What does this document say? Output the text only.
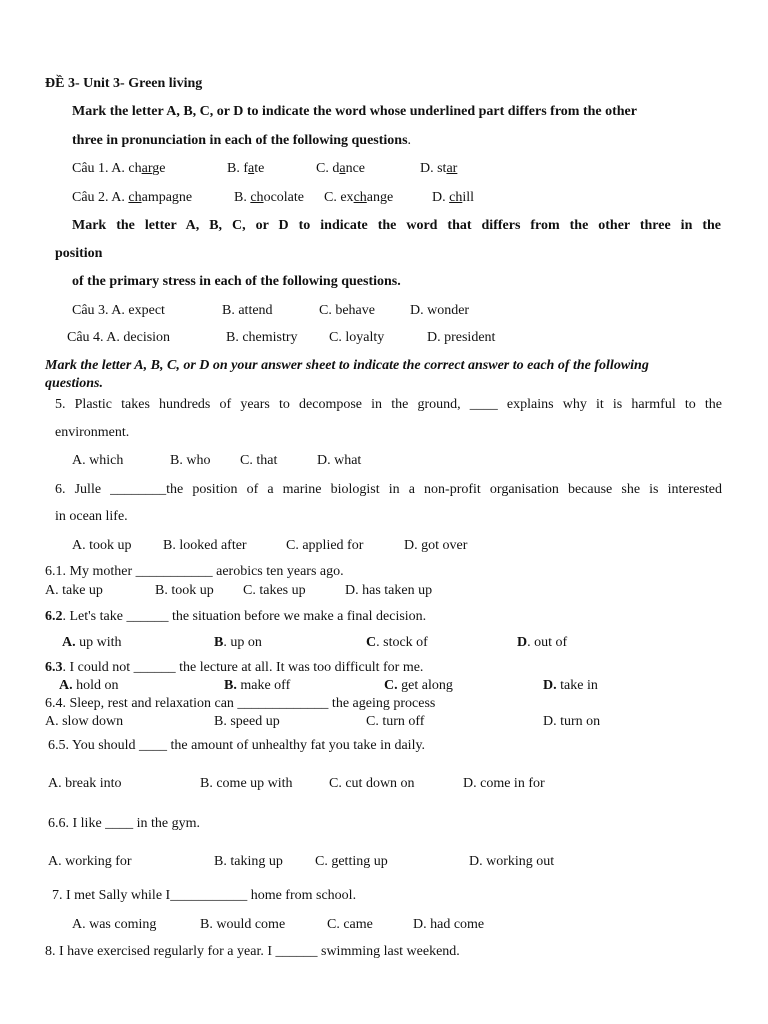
ĐỀ 3- Unit 3- Green living
Mark the letter A, B, C, or D to indicate the word whose underlined part differs from the other
three in pronunciation in each of the following questions.
Câu 1. A. charge	B. fate	C. dance	D. star
Câu 2. A. champagne	B. chocolate C. exchange	D. chill
Mark the letter A, B, C, or D to indicate the word that differs from the other three in the
position
of the primary stress in each of the following questions.
Câu 3. A. expect	B. attend	C. behave	D. wonder
Câu 4. A. decision	B. chemistry C. loyalty	D. president
Mark the letter A, B, C, or D on your answer sheet to indicate the correct answer to each of the following
questions.
5. Plastic takes hundreds of years to decompose in the ground, ____ explains why it is harmful to the
environment.
A. which	B. who C. that	D. what
6. Julle ________the position of a marine biologist in a non-profit organisation because she is interested
in ocean life.
A. took up B. looked after	C. applied for	D. got over
6.1. My mother ___________ aerobics ten years ago.
A. take up	B. took up C. takes up	D. has taken up
6.2. Let's take ______ the situation before we make a final decision.
A. up with	B. up on	C. stock of	D. out of
6.3. I could not ______ the lecture at all. It was too difficult for me.
A. hold on	B. make off	C. get along	D. take in
6.4. Sleep, rest and relaxation can _____________ the ageing process
A. slow down	B. speed up	C. turn off	D. turn on
6.5. You should ____ the amount of unhealthy fat you take in daily.
A. break into	B. come up with	C. cut down on	D. come in for
6.6. I like ____ in the gym.
A. working for	B. taking up C. getting up	D. working out
7. I met Sally while I___________ home from school.
A. was coming	B. would come	C. came	D. had come
8. I have exercised regularly for a year. I ______ swimming last weekend.
